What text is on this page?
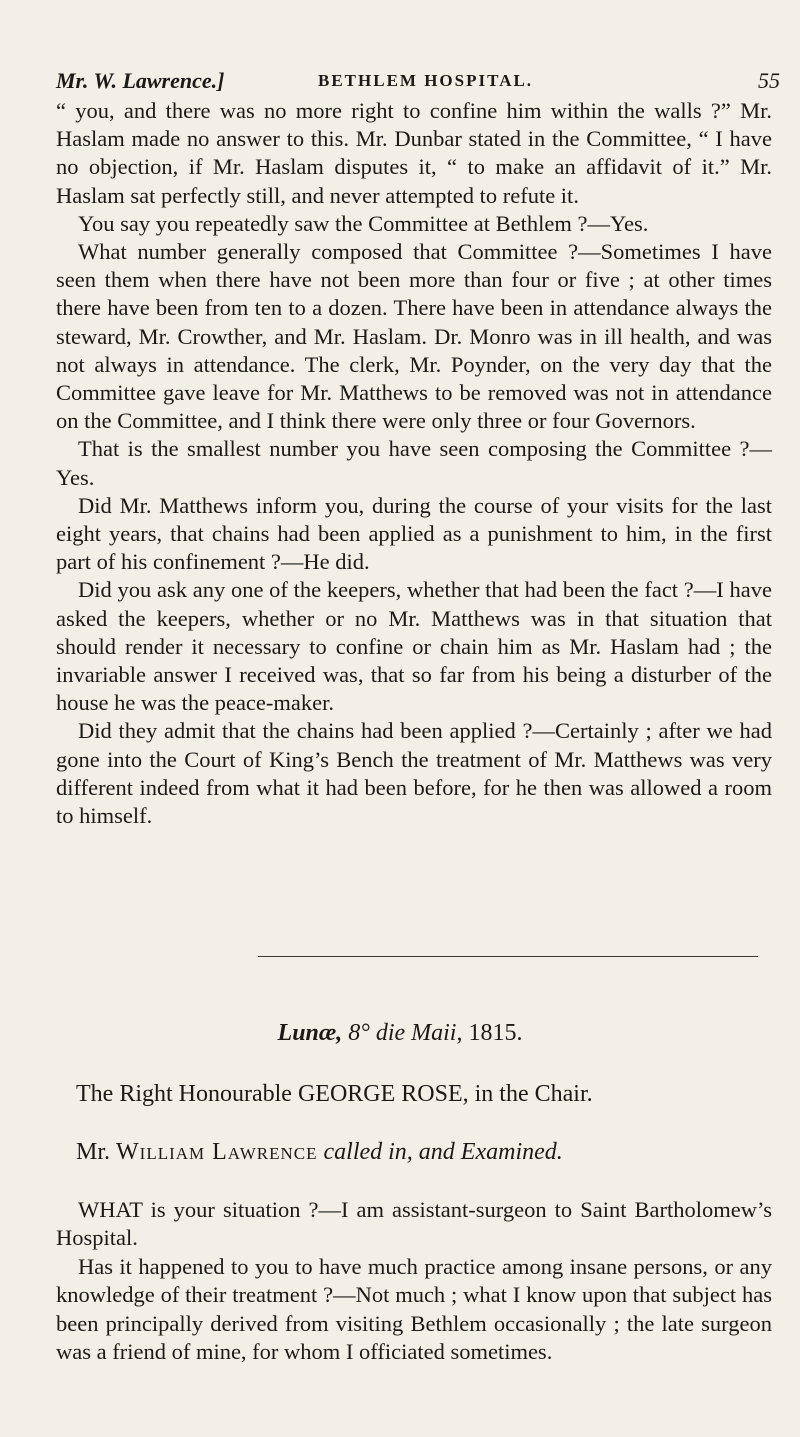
Mr. W. Lawrence.]	BETHLEM HOSPITAL.	55

“ you, and there was no more right to confine him within the walls ?” Mr. Haslam made no answer to this. Mr. Dunbar stated in the Committee, “ I have no objection, if Mr. Haslam disputes it, “ to make an affidavit of it.” Mr. Haslam sat perfectly still, and never attempted to refute it.

You say you repeatedly saw the Committee at Bethlem ?—Yes.

What number generally composed that Committee ?—Sometimes I have seen them when there have not been more than four or five ; at other times there have been from ten to a dozen. There have been in attendance always the steward, Mr. Crowther, and Mr. Haslam. Dr. Monro was in ill health, and was not always in attendance. The clerk, Mr. Poynder, on the very day that the Committee gave leave for Mr. Matthews to be removed was not in attendance on the Committee, and I think there were only three or four Governors.

That is the smallest number you have seen composing the Committee ?—Yes.

Did Mr. Matthews inform you, during the course of your visits for the last eight years, that chains had been applied as a punishment to him, in the first part of his confinement ?—He did.

Did you ask any one of the keepers, whether that had been the fact ?—I have asked the keepers, whether or no Mr. Matthews was in that situation that should render it necessary to confine or chain him as Mr. Haslam had ; the invariable answer I received was, that so far from his being a disturber of the house he was the peace-maker.

Did they admit that the chains had been applied ?—Certainly ; after we had gone into the Court of King’s Bench the treatment of Mr. Matthews was very different indeed from what it had been before, for he then was allowed a room to himself.

Lunæ, 8° die Maii, 1815.
The Right Honourable GEORGE ROSE, in the Chair.
Mr. William Lawrence called in, and Examined.

WHAT is your situation ?—I am assistant-surgeon to Saint Bartholomew’s Hospital.

Has it happened to you to have much practice among insane persons, or any knowledge of their treatment ?—Not much ; what I know upon that subject has been principally derived from visiting Bethlem occasionally ; the late surgeon was a friend of mine, for whom I officiated sometimes.
